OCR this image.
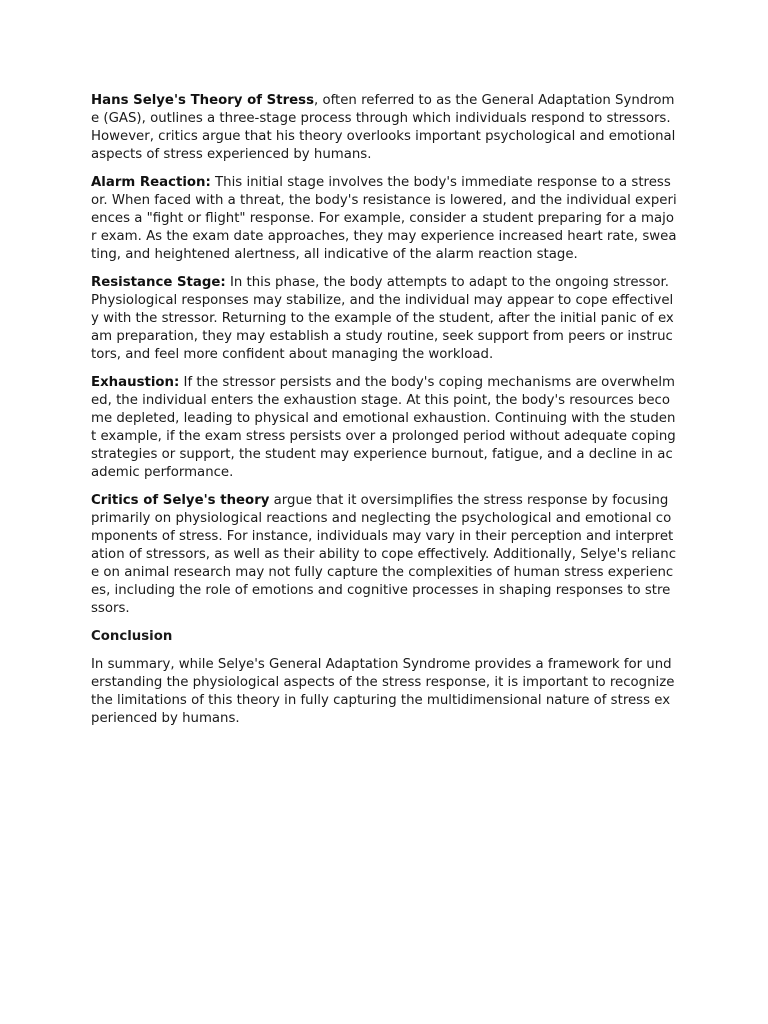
Hans Selye's Theory of Stress, often referred to as the General Adaptation Syndrome (GAS), outlines a three-stage process through which individuals respond to stressors. However, critics argue that his theory overlooks important psychological and emotional aspects of stress experienced by humans.

Alarm Reaction: This initial stage involves the body's immediate response to a stressor. When faced with a threat, the body's resistance is lowered, and the individual experiences a "fight or flight" response. For example, consider a student preparing for a major exam. As the exam date approaches, they may experience increased heart rate, sweating, and heightened alertness, all indicative of the alarm reaction stage.

Resistance Stage: In this phase, the body attempts to adapt to the ongoing stressor. Physiological responses may stabilize, and the individual may appear to cope effectively with the stressor. Returning to the example of the student, after the initial panic of exam preparation, they may establish a study routine, seek support from peers or instructors, and feel more confident about managing the workload.

Exhaustion: If the stressor persists and the body's coping mechanisms are overwhelmed, the individual enters the exhaustion stage. At this point, the body's resources become depleted, leading to physical and emotional exhaustion. Continuing with the student example, if the exam stress persists over a prolonged period without adequate coping strategies or support, the student may experience burnout, fatigue, and a decline in academic performance.

Critics of Selye's theory argue that it oversimplifies the stress response by focusing primarily on physiological reactions and neglecting the psychological and emotional components of stress. For instance, individuals may vary in their perception and interpretation of stressors, as well as their ability to cope effectively. Additionally, Selye's reliance on animal research may not fully capture the complexities of human stress experiences, including the role of emotions and cognitive processes in shaping responses to stressors.

Conclusion

In summary, while Selye's General Adaptation Syndrome provides a framework for understanding the physiological aspects of the stress response, it is important to recognize the limitations of this theory in fully capturing the multidimensional nature of stress experienced by humans.
